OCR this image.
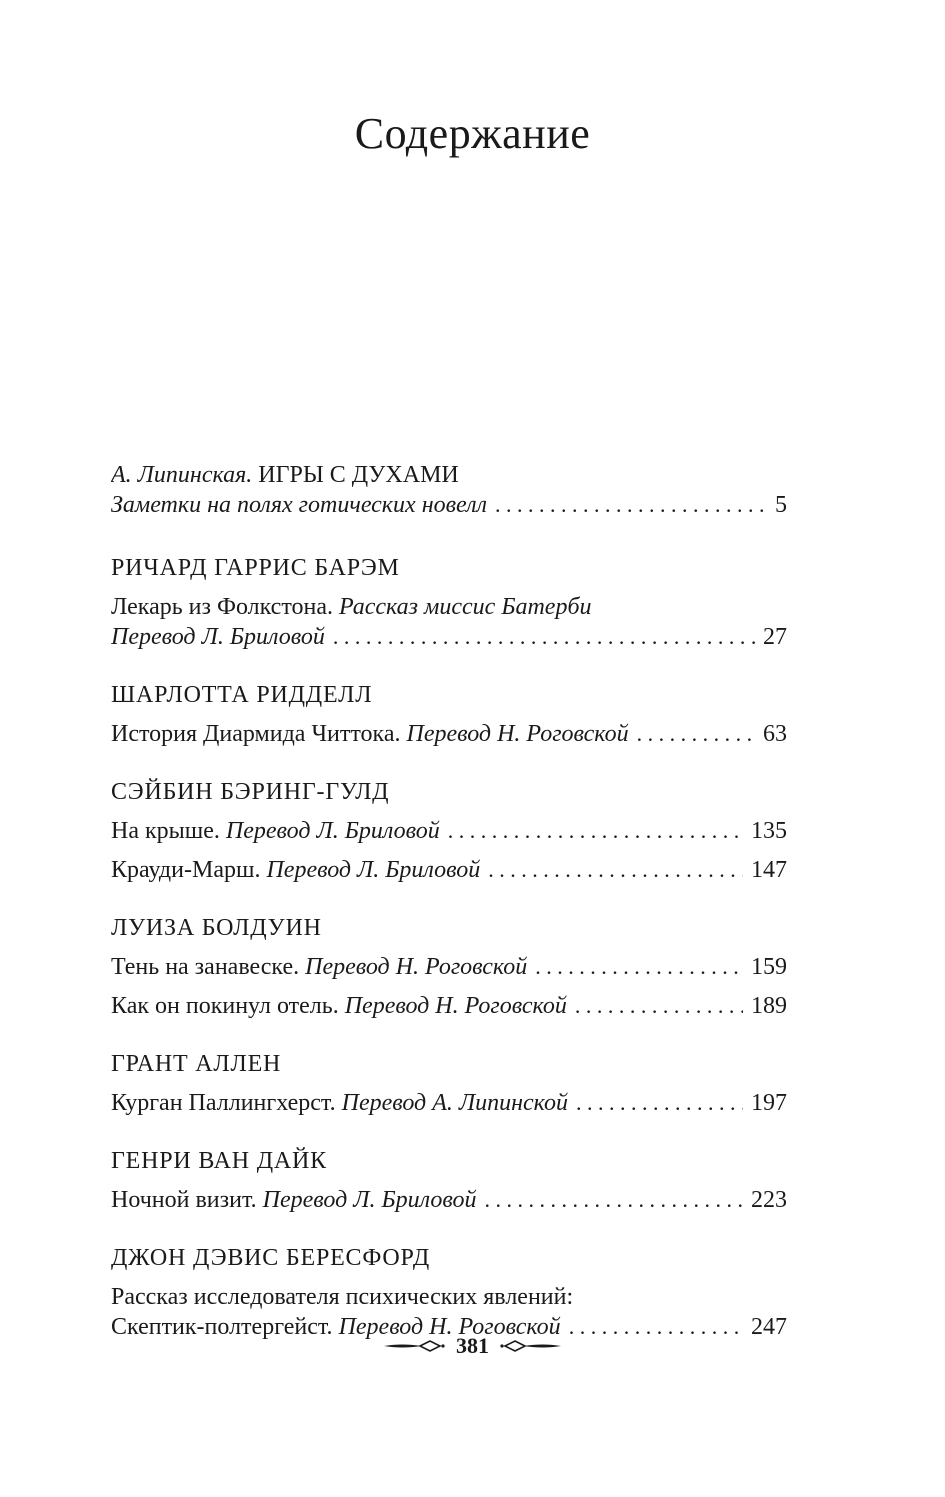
Содержание
А. Липинская. ИГРЫ С ДУХАМИ
Заметки на полях готических новелл . . .	5
РИЧАРД ГАРРИС БАРЭМ
Лекарь из Фолкстона. Рассказ миссис Батерби
Перевод Л. Бриловой . . .	27
ШАРЛОТТА РИДДЕЛЛ
История Диармида Читтока. Перевод Н. Роговской . . .	63
СЭЙБИН БЭРИНГ-ГУЛД
На крыше. Перевод Л. Бриловой . . .	135
Крауди-Марш. Перевод Л. Бриловой . . .	147
ЛУИЗА БОЛДУИН
Тень на занавеске. Перевод Н. Роговской . . .	159
Как он покинул отель. Перевод Н. Роговской . . .	189
ГРАНТ АЛЛЕН
Курган Паллингхерст. Перевод А. Липинской . . .	197
ГЕНРИ ВАН ДАЙК
Ночной визит. Перевод Л. Бриловой . . .	223
ДЖОН ДЭВИС БЕРЕСФОРД
Рассказ исследователя психических явлений:
Скептик-полтергейст. Перевод Н. Роговской . . .	247
381
